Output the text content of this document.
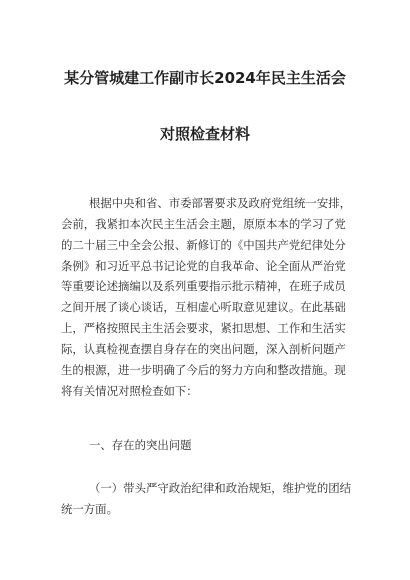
某分管城建工作副市长2024年民主生活会
对照检查材料
根据中央和省、市委部署要求及政府党组统一安排，
会前，我紧扣本次民主生活会主题，原原本本的学习了党
的二十届三中全会公报、新修订的《中国共产党纪律处分
条例》和习近平总书记论党的自我革命、论全面从严治党
等重要论述摘编以及系列重要指示批示精神，在班子成员
之间开展了谈心谈话，互相虚心听取意见建议。在此基础
上，严格按照民主生活会要求，紧扣思想、工作和生活实
际，认真检视查摆自身存在的突出问题，深入剖析问题产
生的根源，进一步明确了今后的努力方向和整改措施。现
将有关情况对照检查如下：

一、存在的突出问题

（一）带头严守政治纪律和政治规矩，维护党的团结
统一方面。
